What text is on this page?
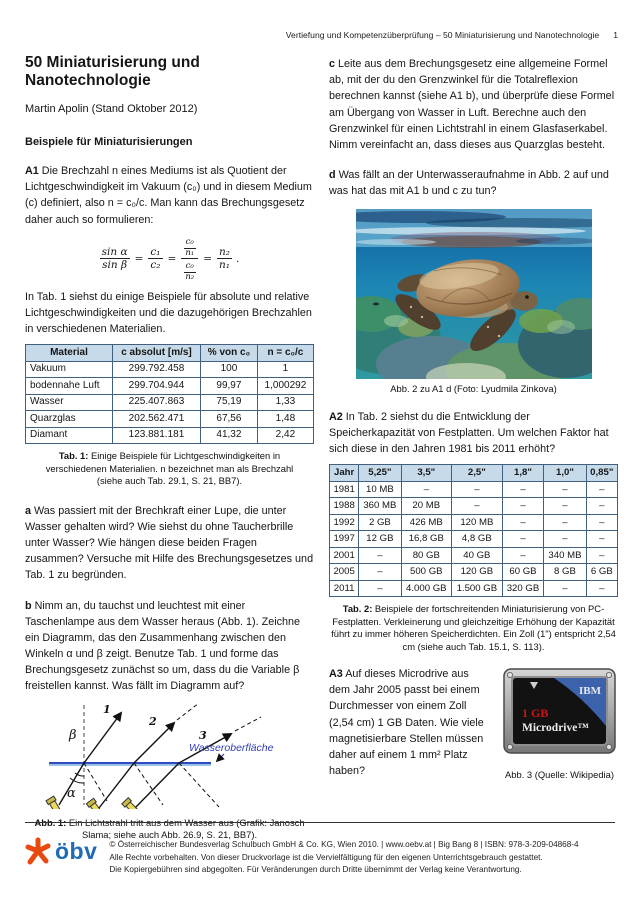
Vertiefung und Kompetenzüberprüfung – 50 Miniaturisierung und Nanotechnologie 1
50 Miniaturisierung und Nanotechnologie
Martin Apolin (Stand Oktober 2012)
Beispiele für Miniaturisierungen

A1 Die Brechzahl n eines Mediums ist als Quotient der Lichtgeschwindigkeit im Vakuum (c₀) und in diesem Medium (c) definiert, also n = c₀/c. Man kann das Brechungsgesetz daher auch so formulieren:

$\frac{\text{sin α}}{\text{sin β}} = \frac{\text{c₁}}{\text{c₂}} = \frac{\frac{\text{c₀}}{\text{n₁}}}{\frac{\text{c₀}}{\text{n₂}}} = \frac{\text{n₂}}{\text{n₁}}$ .

In Tab. 1 siehst du einige Beispiele für absolute und relative Lichtgeschwindigkeiten und die dazugehörigen Brechzahlen in verschiedenen Materialien.

Material	c absolut [m/s]	% von c₀	n = c₀/c
Vakuum	299.792.458	100	1
bodennahe Luft	299.704.944	99,97	1,000292
Wasser	225.407.863	75,19	1,33
Quarzglas	202.562.471	67,56	1,48
Diamant	123.881.181	41,32	2,42
Tab. 1: Einige Beispiele für Lichtgeschwindigkeiten in verschiedenen Materialien. n bezeichnet man als Brechzahl (siehe auch Tab. 29.1, S. 21, BB7).

a Was passiert mit der Brechkraft einer Lupe, die unter Wasser gehalten wird? Wie siehst du ohne Taucherbrille unter Wasser? Wie hängen diese beiden Fragen zusammen? Versuche mit Hilfe des Brechungsgesetzes und Tab. 1 zu begründen.

b Nimm an, du tauchst und leuchtest mit einer Taschenlampe aus dem Wasser heraus (Abb. 1). Zeichne ein Diagramm, das den Zusammenhang zwischen den Winkeln α und β zeigt. Benutze Tab. 1 und forme das Brechungsgesetz zunächst so um, dass du die Variable β freistellen kannst. Was fällt im Diagramm auf?

β
α
1
2
3
Wasseroberfläche
Abb. 1: Ein Lichtstrahl tritt aus dem Wasser aus (Grafik: Janosch Slama; siehe auch Abb. 26.9, S. 21, BB7).

c Leite aus dem Brechungsgesetz eine allgemeine Formel ab, mit der du den Grenzwinkel für die Totalreflexion berechnen kannst (siehe A1 b), und überprüfe diese Formel am Übergang von Wasser in Luft. Berechne auch den Grenzwinkel für einen Lichtstrahl in einem Glasfaserkabel. Nimm vereinfacht an, dass dieses aus Quarzglas besteht.

d Was fällt an der Unterwasseraufnahme in Abb. 2 auf und was hat das mit A1 b und c zu tun?

Abb. 2 zu A1 d (Foto: Lyudmila Zinkova)

A2 In Tab. 2 siehst du die Entwicklung der Speicherkapazität von Festplatten. Um welchen Faktor hat sich diese in den Jahren 1981 bis 2011 erhöht?

Jahr	5,25"	3,5"	2,5"	1,8"	1,0"	0,85"
1981	10 MB	–	–	–	–	–
1988	360 MB	20 MB	–	–	–	–
1992	2 GB	426 MB	120 MB	–	–	–
1997	12 GB	16,8 GB	4,8 GB	–	–	–
2001	–	80 GB	40 GB	–	340 MB	–
2005	–	500 GB	120 GB	60 GB	8 GB	6 GB
2011	–	4.000 GB	1.500 GB	320 GB	–	–
Tab. 2: Beispiele der fortschreitenden Miniaturisierung von PC-Festplatten. Verkleinerung und gleichzeitige Erhöhung der Kapazität führt zu immer höheren Speicherdichten. Ein Zoll (1") entspricht 2,54 cm (siehe auch Tab. 15.1, S. 113).

A3 Auf dieses Microdrive aus dem Jahr 2005 passt bei einem Durchmesser von einem Zoll (2,54 cm) 1 GB Daten. Wie viele magnetisierbare Stellen müssen daher auf einem 1 mm² Platz haben?

IBM
1 GB
Microdrive™
Abb. 3 (Quelle: Wikipedia)
öbv © Österreichischer Bundesverlag Schulbuch GmbH & Co. KG, Wien 2010. | www.oebv.at | Big Bang 8 | ISBN: 978-3-209-04868-4
Alle Rechte vorbehalten. Von dieser Druckvorlage ist die Vervielfältigung für den eigenen Unterrichtsgebrauch gestattet.
Die Kopiergebühren sind abgegolten. Für Veränderungen durch Dritte übernimmt der Verlag keine Verantwortung.
